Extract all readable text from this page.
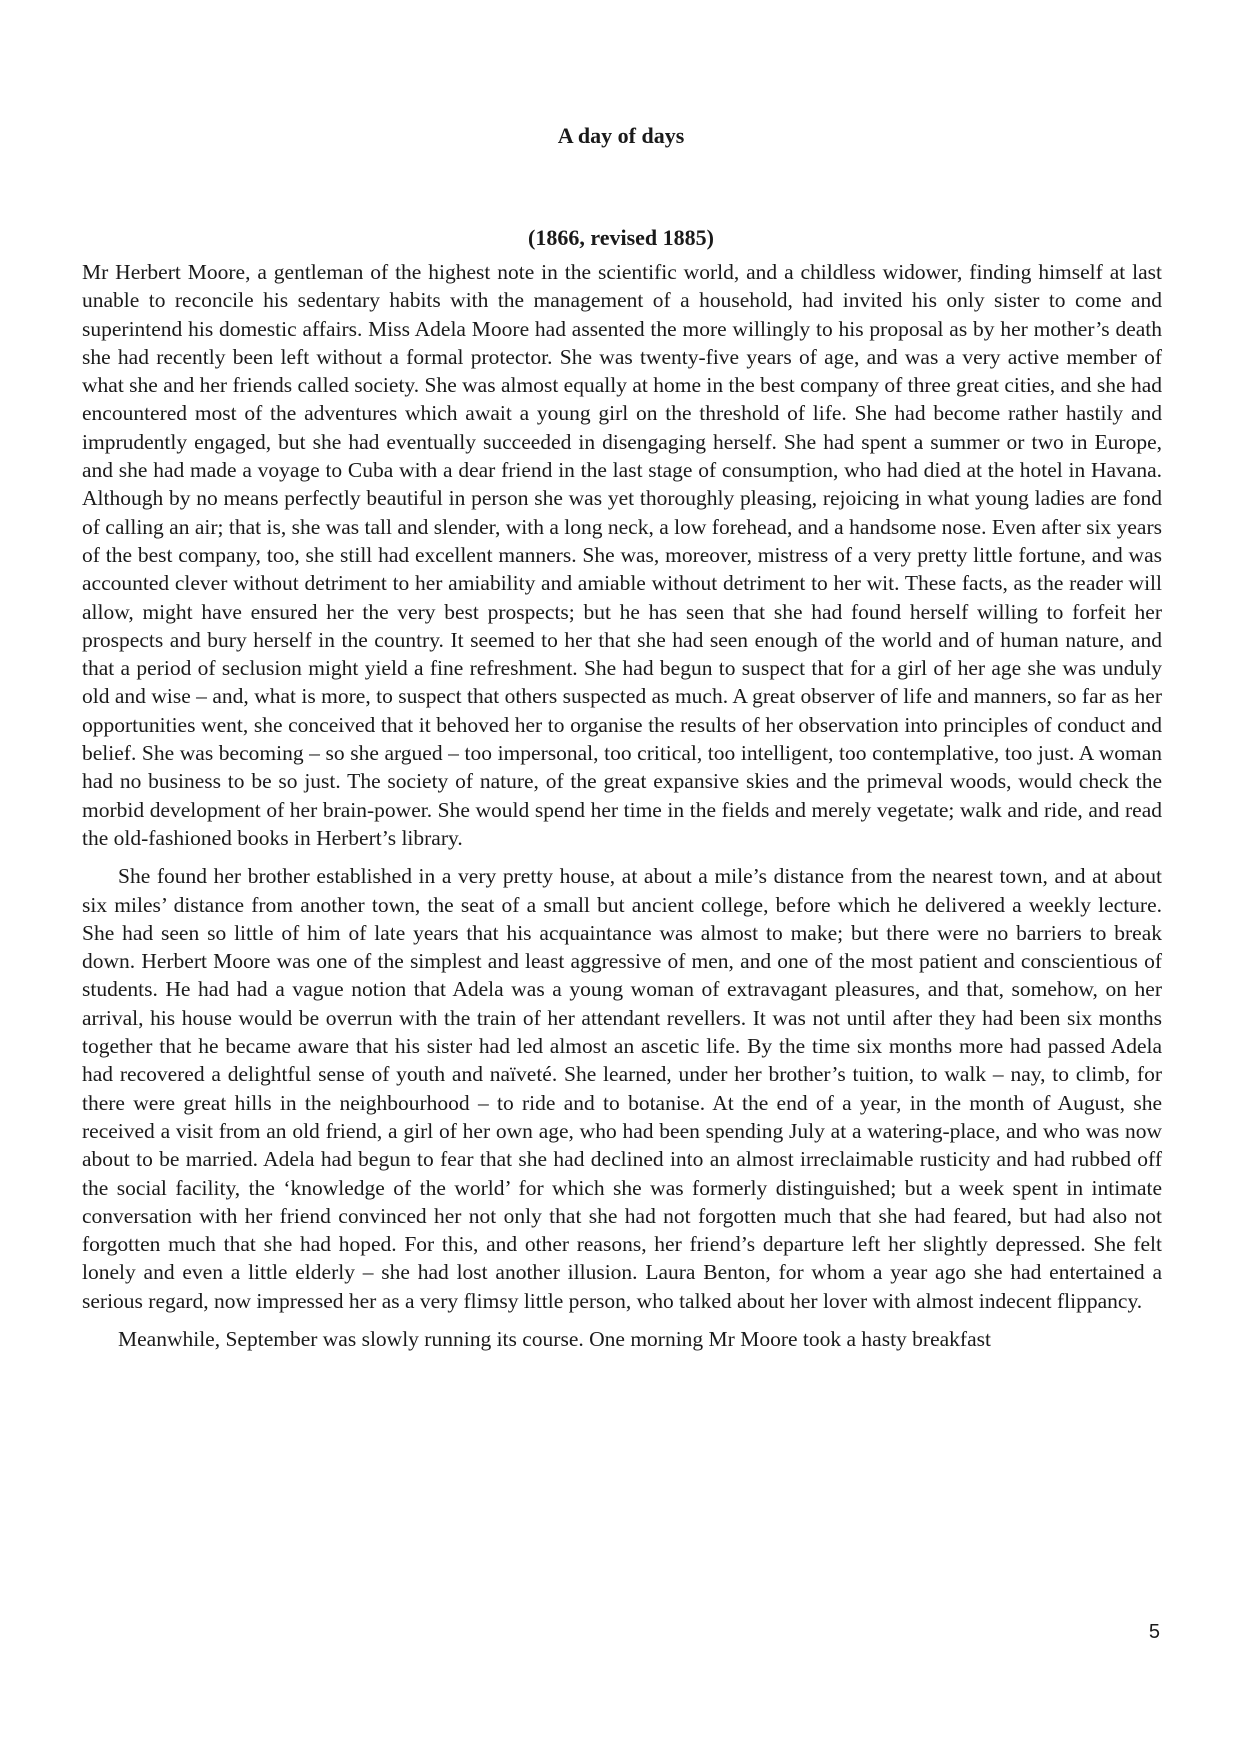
A day of days
(1866, revised 1885)

Mr Herbert Moore, a gentleman of the highest note in the scientific world, and a childless widower, finding himself at last unable to reconcile his sedentary habits with the management of a household, had invited his only sister to come and superintend his domestic affairs. Miss Adela Moore had assented the more willingly to his proposal as by her mother’s death she had recently been left without a formal protector. She was twenty-five years of age, and was a very active member of what she and her friends called society. She was almost equally at home in the best company of three great cities, and she had encountered most of the adventures which await a young girl on the threshold of life. She had become rather hastily and imprudently engaged, but she had eventually succeeded in disengaging herself. She had spent a summer or two in Europe, and she had made a voyage to Cuba with a dear friend in the last stage of consumption, who had died at the hotel in Havana. Although by no means perfectly beautiful in person she was yet thoroughly pleasing, rejoicing in what young ladies are fond of calling an air; that is, she was tall and slender, with a long neck, a low forehead, and a handsome nose. Even after six years of the best company, too, she still had excellent manners. She was, moreover, mistress of a very pretty little fortune, and was accounted clever without detriment to her amiability and amiable without detriment to her wit. These facts, as the reader will allow, might have ensured her the very best prospects; but he has seen that she had found herself willing to forfeit her prospects and bury herself in the country. It seemed to her that she had seen enough of the world and of human nature, and that a period of seclusion might yield a fine refreshment. She had begun to suspect that for a girl of her age she was unduly old and wise – and, what is more, to suspect that others suspected as much. A great observer of life and manners, so far as her opportunities went, she conceived that it behoved her to organise the results of her observation into principles of conduct and belief. She was becoming – so she argued – too impersonal, too critical, too intelligent, too contemplative, too just. A woman had no business to be so just. The society of nature, of the great expansive skies and the primeval woods, would check the morbid development of her brain-power. She would spend her time in the fields and merely vegetate; walk and ride, and read the old-fashioned books in Herbert’s library.

She found her brother established in a very pretty house, at about a mile’s distance from the nearest town, and at about six miles’ distance from another town, the seat of a small but ancient college, before which he delivered a weekly lecture. She had seen so little of him of late years that his acquaintance was almost to make; but there were no barriers to break down. Herbert Moore was one of the simplest and least aggressive of men, and one of the most patient and conscientious of students. He had had a vague notion that Adela was a young woman of extravagant pleasures, and that, somehow, on her arrival, his house would be overrun with the train of her attendant revellers. It was not until after they had been six months together that he became aware that his sister had led almost an ascetic life. By the time six months more had passed Adela had recovered a delightful sense of youth and naïveté. She learned, under her brother’s tuition, to walk – nay, to climb, for there were great hills in the neighbourhood – to ride and to botanise. At the end of a year, in the month of August, she received a visit from an old friend, a girl of her own age, who had been spending July at a watering-place, and who was now about to be married. Adela had begun to fear that she had declined into an almost irreclaimable rusticity and had rubbed off the social facility, the ‘knowledge of the world’ for which she was formerly distinguished; but a week spent in intimate conversation with her friend convinced her not only that she had not forgotten much that she had feared, but had also not forgotten much that she had hoped. For this, and other reasons, her friend’s departure left her slightly depressed. She felt lonely and even a little elderly – she had lost another illusion. Laura Benton, for whom a year ago she had entertained a serious regard, now impressed her as a very flimsy little person, who talked about her lover with almost indecent flippancy.

Meanwhile, September was slowly running its course. One morning Mr Moore took a hasty breakfast

5
